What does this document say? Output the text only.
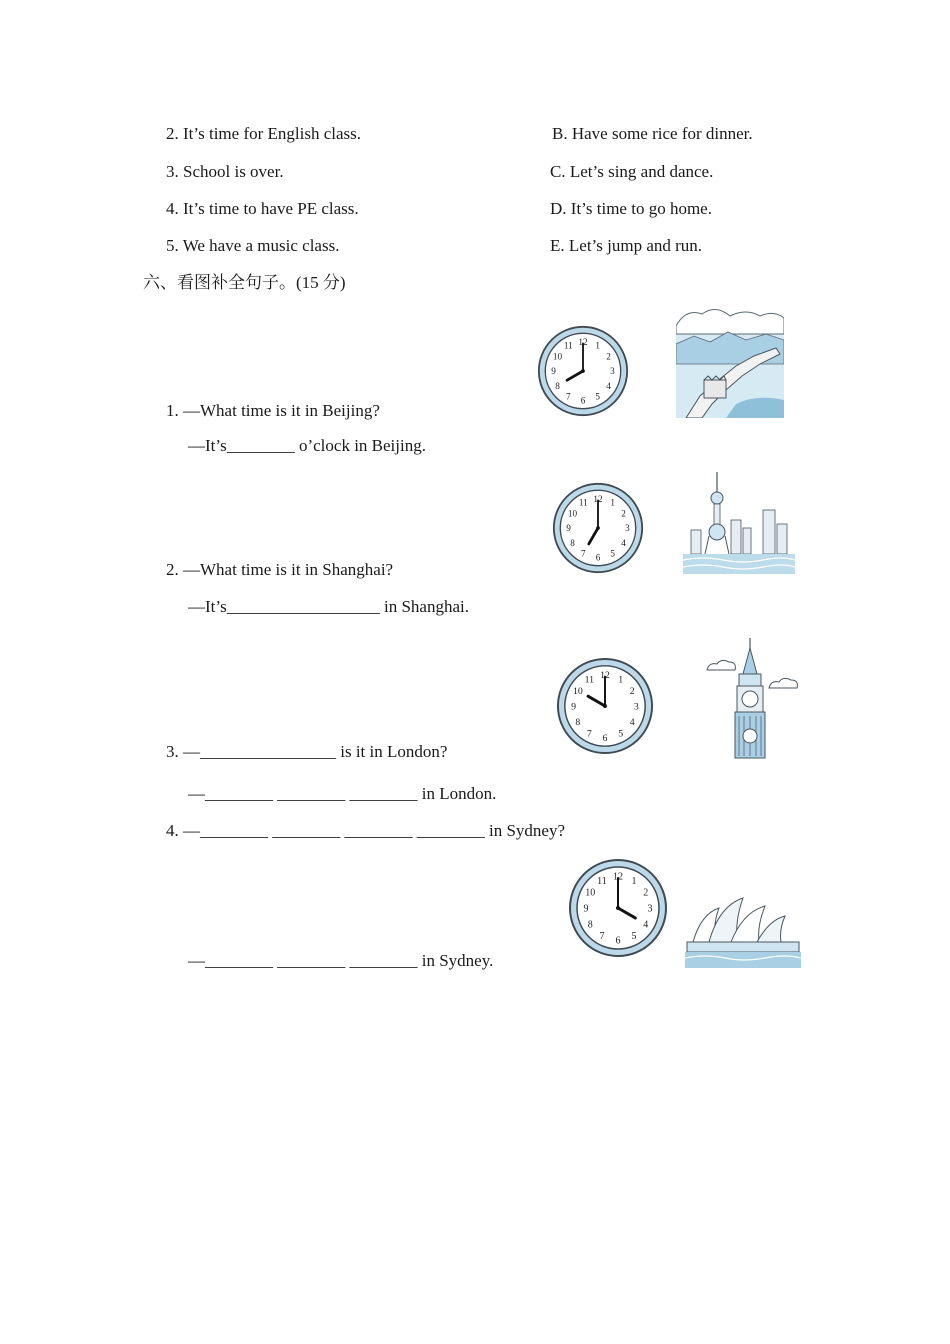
2. It’s time for English class.
3. School is over.
4. It’s time to have PE class.
5. We have a music class.
B. Have some rice for dinner.
C. Let’s sing and dance.
D. It’s time to go home.
E. Let’s jump and run.
六、看图补全句子。(15 分)
1. —What time is it in Beijing?
—It’s________ o’clock in Beijing.
2. —What time is it in Shanghai?
—It’s__________________ in Shanghai.
3. —________________ is it in London?
—________ ________ ________ in London.
4. —________ ________ ________ ________ in Sydney?
—________ ________ ________ in Sydney.
12 1
2
3
4
5
6
7
8
9
10
11
12 1
2
3
4
5
6
7
8
9
10
11
12 1
2
3
4
5
6
7
8
9
10
11
12 1
2
3
4
5
6
7
8
9
10
11
